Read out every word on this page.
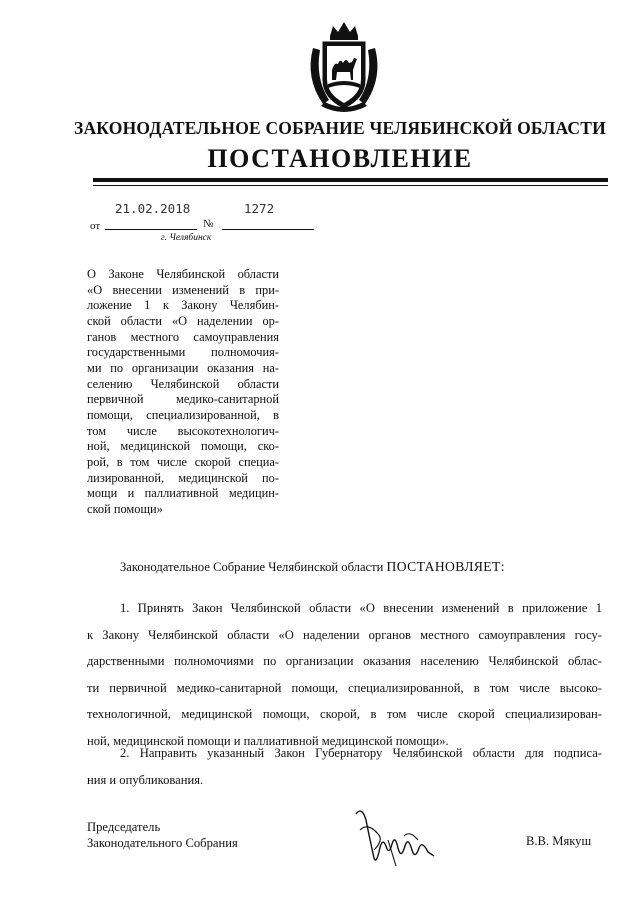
ЗАКОНОДАТЕЛЬНОЕ СОБРАНИЕ ЧЕЛЯБИНСКОЙ ОБЛАСТИ
ПОСТАНОВЛЕНИЕ
21.02.2018	1272
от	№
г. Челябинск
О Законе Челябинской области
«О внесении изменений в при-
ложение 1 к Закону Челябин-
ской области «О наделении ор-
ганов местного самоуправления
государственными полномочия-
ми по организации оказания на-
селению Челябинской области
первичной медико-санитарной
помощи, специализированной, в
том числе высокотехнологич-
ной, медицинской помощи, ско-
рой, в том числе скорой специа-
лизированной, медицинской по-
мощи и паллиативной медицин-
ской помощи»
Законодательное Собрание Челябинской области ПОСТАНОВЛЯЕТ:
1. Принять Закон Челябинской области «О внесении изменений в приложение 1
к Закону Челябинской области «О наделении органов местного самоуправления госу-
дарственными полномочиями по организации оказания населению Челябинской облас-
ти первичной медико-санитарной помощи, специализированной, в том числе высоко-
технологичной, медицинской помощи, скорой, в том числе скорой специализирован-
ной, медицинской помощи и паллиативной медицинской помощи».
2. Направить указанный Закон Губернатору Челябинской области для подписа-
ния и опубликования.
Председатель
Законодательного Собрания	В.В. Мякуш
